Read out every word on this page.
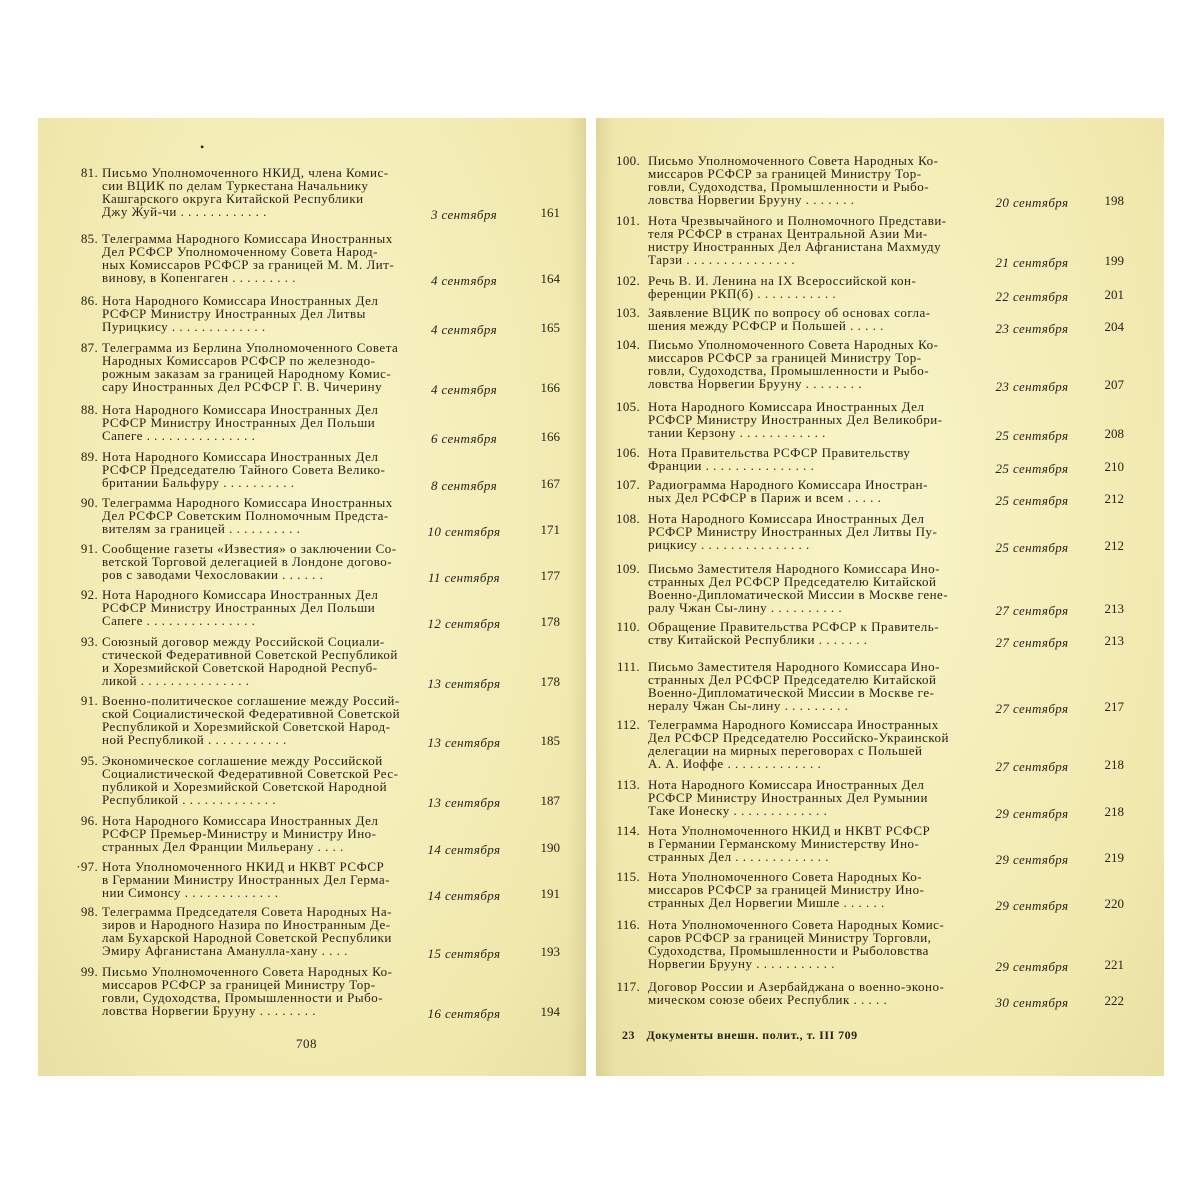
•
81. Письмо Уполномоченного НКИД, члена Комис-
сии ВЦИК по делам Туркестана Начальнику
Кашгарского округа Китайской Республики
Джу Жуй-чи . . . . . . . . . . . .	3 сентября	161
85. Телеграмма Народного Комиссара Иностранных
Дел РСФСР Уполномоченному Совета Народ-
ных Комиссаров РСФСР за границей М. М. Лит-
винову, в Копенгаген . . . . . . . . .	4 сентября	164
86. Нота Народного Комиссара Иностранных Дел
РСФСР Министру Иностранных Дел Литвы
Пурицкису . . . . . . . . . . . . .	4 сентября	165
87. Телеграмма из Берлина Уполномоченного Совета
Народных Комиссаров РСФСР по железнодо-
рожным заказам за границей Народному Комис-
сару Иностранных Дел РСФСР Г. В. Чичерину	4 сентября	166
88. Нота Народного Комиссара Иностранных Дел
РСФСР Министру Иностранных Дел Польши
Сапеге . . . . . . . . . . . . . . .	6 сентября	166
89. Нота Народного Комиссара Иностранных Дел
РСФСР Председателю Тайного Совета Велико-
британии Бальфуру . . . . . . . . . .	8 сентября	167
90. Телеграмма Народного Комиссара Иностранных
Дел РСФСР Советским Полномочным Предста-
вителям за границей . . . . . . . . . .	10 сентября	171
91. Сообщение газеты «Известия» о заключении Со-
ветской Торговой делегацией в Лондоне догово-
ров с заводами Чехословакии . . . . . .	11 сентября	177
92. Нота Народного Комиссара Иностранных Дел
РСФСР Министру Иностранных Дел Польши
Сапеге . . . . . . . . . . . . . . .	12 сентября	178
93. Союзный договор между Российской Социали-
стической Федеративной Советской Республикой
и Хорезмийской Советской Народной Респуб-
ликой . . . . . . . . . . . . . . .	13 сентября	178
91. Военно-политическое соглашение между Россий-
ской Социалистической Федеративной Советской
Республикой и Хорезмийской Советской Народ-
ной Республикой . . . . . . . . . . .	13 сентября	185
95. Экономическое соглашение между Российской
Социалистической Федеративной Советской Рес-
публикой и Хорезмийской Советской Народной
Республикой . . . . . . . . . . . . .	13 сентября	187
96. Нота Народного Комиссара Иностранных Дел
РСФСР Премьер-Министру и Министру Ино-
странных Дел Франции Мильерану . . . .	14 сентября	190
·97. Нота Уполномоченного НКИД и НКВТ РСФСР
в Германии Министру Иностранных Дел Герма-
нии Симонсу . . . . . . . . . . . . .	14 сентября	191
98. Телеграмма Председателя Совета Народных На-
зиров и Народного Назира по Иностранным Де-
лам Бухарской Народной Советской Республики
Эмиру Афганистана Амануллa-хану . . . .	15 сентября	193
99. Письмо Уполномоченного Совета Народных Ко-
миссаров РСФСР за границей Министру Тор-
говли, Судоходства, Промышленности и Рыбо-
ловства Норвегии Брууну . . . . . . . .	16 сентября	194
708
100. Письмо Уполномоченного Совета Народных Ко-
миссаров РСФСР за границей Министру Тор-
говли, Судоходства, Промышленности и Рыбо-
ловства Норвегии Брууну . . . . . . .	20 сентября	198
101. Нота Чрезвычайного и Полномочного Представи-
теля РСФСР в странах Центральной Азии Ми-
нистру Иностранных Дел Афганистана Махмуду
Тарзи . . . . . . . . . . . . . . .	21 сентября	199
102. Речь В. И. Ленина на IX Всероссийской кон-
ференции РКП(б) . . . . . . . . . . .	22 сентября	201
103. Заявление ВЦИК по вопросу об основах согла-
шения между РСФСР и Польшей . . . . .	23 сентября	204
104. Письмо Уполномоченного Совета Народных Ко-
миссаров РСФСР за границей Министру Тор-
говли, Судоходства, Промышленности и Рыбо-
ловства Норвегии Брууну . . . . . . . .	23 сентября	207
105. Нота Народного Комиссара Иностранных Дел
РСФСР Министру Иностранных Дел Великобри-
тании Керзону . . . . . . . . . . . .	25 сентября	208
106. Нота Правительства РСФСР Правительству
Франции . . . . . . . . . . . . . . .	25 сентября	210
107. Радиограмма Народного Комиссара Иностран-
ных Дел РСФСР в Париж и всем . . . . .	25 сентября	212
108. Нота Народного Комиссара Иностранных Дел
РСФСР Министру Иностранных Дел Литвы Пу-
рицкису . . . . . . . . . . . . . . .	25 сентября	212
109. Письмо Заместителя Народного Комиссара Ино-
странных Дел РСФСР Председателю Китайской
Военно-Дипломатической Миссии в Москве гене-
ралу Чжан Сы-лину . . . . . . . . . .	27 сентября	213
110. Обращение Правительства РСФСР к Правитель-
ству Китайской Республики . . . . . . .	27 сентября	213
111. Письмо Заместителя Народного Комиссара Ино-
странных Дел РСФСР Председателю Китайской
Военно-Дипломатической Миссии в Москве ге-
нералу Чжан Сы-лину . . . . . . . . .	27 сентября	217
112. Телеграмма Народного Комиссара Иностранных
Дел РСФСР Председателю Российско-Украинской
делегации на мирных переговорах с Польшей
А. А. Иоффе . . . . . . . . . . . . .	27 сентября	218
113. Нота Народного Комиссара Иностранных Дел
РСФСР Министру Иностранных Дел Румынии
Таке Ионеску . . . . . . . . . . . . .	29 сентября	218
114. Нота Уполномоченного НКИД и НКВТ РСФСР
в Германии Германскому Министерству Ино-
странных Дел . . . . . . . . . . . . .	29 сентября	219
115. Нота Уполномоченного Совета Народных Ко-
миссаров РСФСР за границей Министру Ино-
странных Дел Норвегии Мишле . . . . . .	29 сентября	220
116. Нота Уполномоченного Совета Народных Комис-
саров РСФСР за границей Министру Торговли,
Судоходства, Промышленности и Рыболовства
Норвегии Брууну . . . . . . . . . . .	29 сентября	221
117. Договор России и Азербайджана о военно-эконо-
мическом союзе обеих Республик . . . . .	30 сентября	222
23 Документы внешн. полит., т. III 709
